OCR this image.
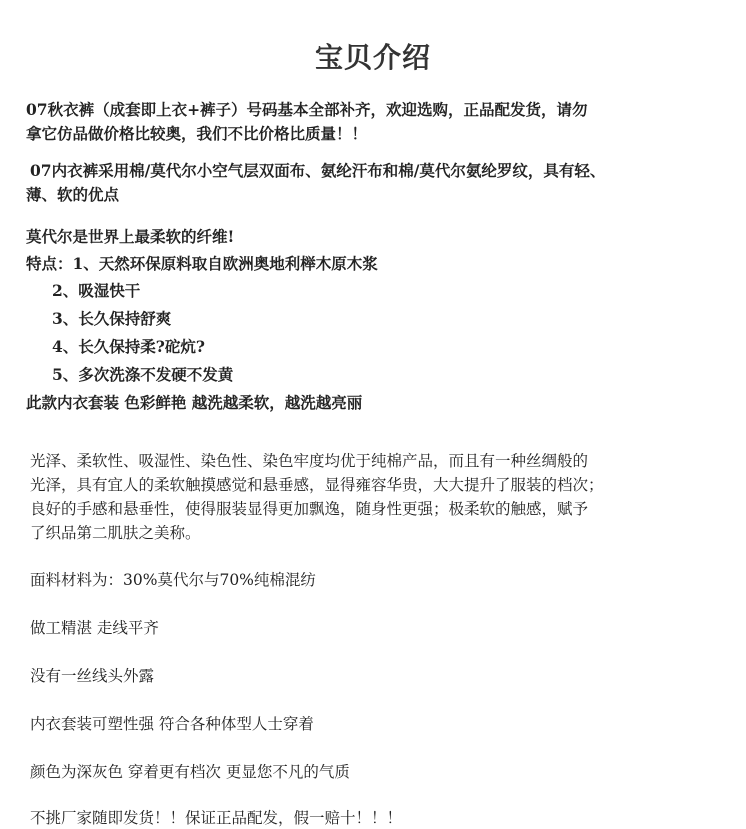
宝贝介绍
07秋衣裤（成套即上衣+裤子）号码基本全部补齐，欢迎选购，正品配发货，请勿
拿它仿品做价格比较奥，我们不比价格比质量！！
07内衣裤采用棉/莫代尔小空气层双面布、氨纶汗布和棉/莫代尔氨纶罗纹，具有轻、
薄、软的优点
莫代尔是世界上最柔软的纤维!
特点：1、天然环保原料取自欧洲奥地利榉木原木浆
2、吸湿快干
3、长久保持舒爽
4、长久保持柔?砣炕?
5、多次洗涤不发硬不发黄
此款内衣套装 色彩鲜艳 越洗越柔软，越洗越亮丽
光泽、柔软性、吸湿性、染色性、染色牢度均优于纯棉产品，而且有一种丝绸般的
光泽，具有宜人的柔软触摸感觉和悬垂感，显得雍容华贵，大大提升了服装的档次；
良好的手感和悬垂性，使得服装显得更加飘逸，随身性更强；极柔软的触感，赋予
了织品第二肌肤之美称。
面料材料为：30%莫代尔与70%纯棉混纺
做工精湛 走线平齐
没有一丝线头外露
内衣套装可塑性强 符合各种体型人士穿着
颜色为深灰色 穿着更有档次 更显您不凡的气质
不挑厂家随即发货！！保证正品配发，假一赔十！！！
